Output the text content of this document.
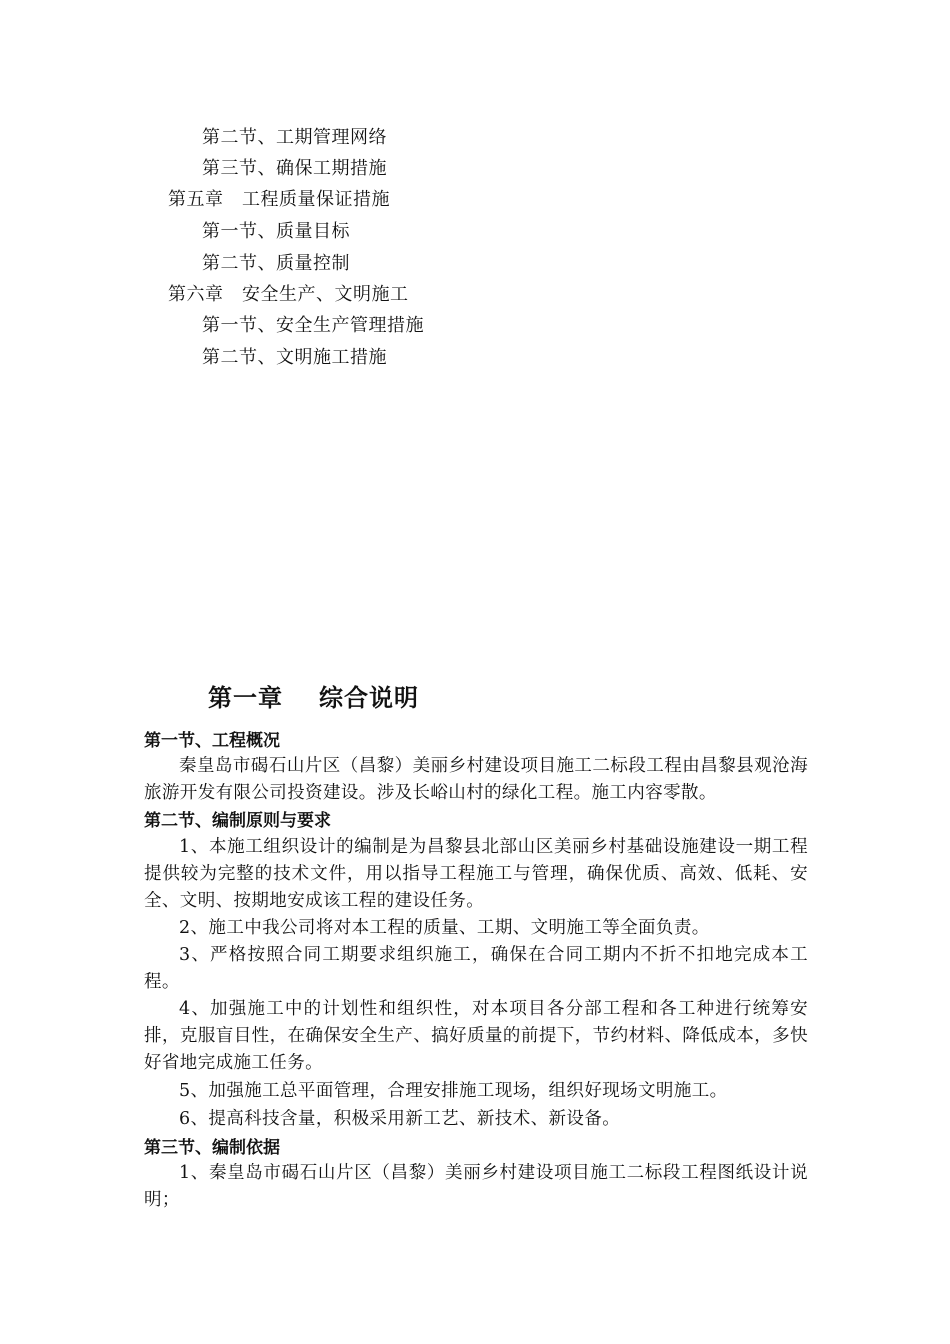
第二节、工期管理网络
第三节、确保工期措施
第五章　工程质量保证措施
第一节、质量目标
第二节、质量控制
第六章　安全生产、文明施工
第一节、安全生产管理措施
第二节、文明施工措施
第一章 综合说明
第一节、工程概况

秦皇岛市碣石山片区（昌黎）美丽乡村建设项目施工二标段工程由昌黎县观沧海旅游开发有限公司投资建设。涉及长峪山村的绿化工程。施工内容零散。

第二节、编制原则与要求

1、本施工组织设计的编制是为昌黎县北部山区美丽乡村基础设施建设一期工程提供较为完整的技术文件，用以指导工程施工与管理，确保优质、高效、低耗、安全、文明、按期地安成该工程的建设任务。

2、施工中我公司将对本工程的质量、工期、文明施工等全面负责。

3、严格按照合同工期要求组织施工，确保在合同工期内不折不扣地完成本工程。

4、加强施工中的计划性和组织性，对本项目各分部工程和各工种进行统筹安排，克服盲目性，在确保安全生产、搞好质量的前提下，节约材料、降低成本，多快好省地完成施工任务。

5、加强施工总平面管理，合理安排施工现场，组织好现场文明施工。

6、提高科技含量，积极采用新工艺、新技术、新设备。

第三节、编制依据

1、秦皇岛市碣石山片区（昌黎）美丽乡村建设项目施工二标段工程图纸设计说明；
